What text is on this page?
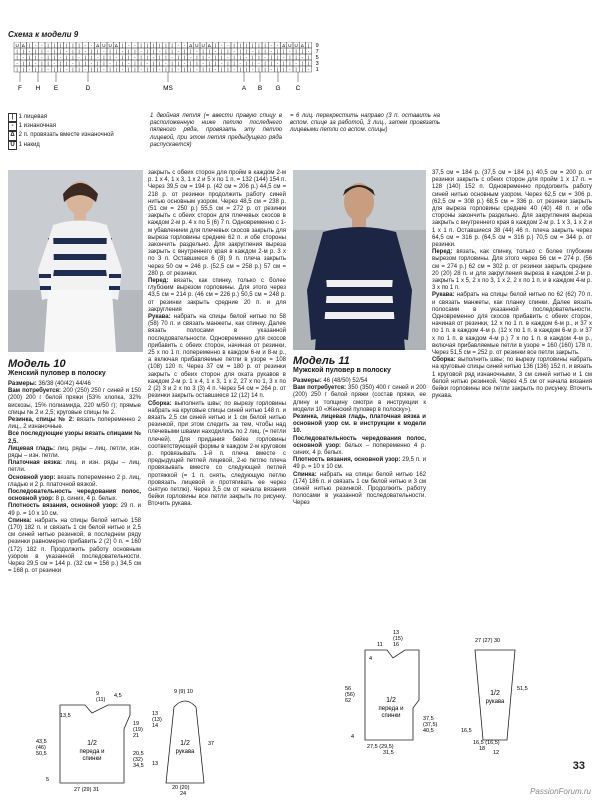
Схема к модели 9
U Δ | - - | | | | | | - - Δ U U Δ | - - | | | | | | - - Δ U U Δ | - - | | | | | | - - Δ U U Δ |
| | - | | - | | - | | - | | - | | - | | - | | - | | - | | - | | - | | - | | - | | - | | - | | -
| - | | - | | - | | - | | - | | - | | - | | - | | - | | - | | - | | - | | - | | - | | - | | - |
- | | - | | - | | - | | - | | - | | - | | - | | - | | - | | - | | - | | - | | - | | - | | - | |
| | - | | - | | - | | - | | - | | - | | - | | - | | - | | - | | - | | - | | - | | - | | - | | -
9
7
5
3
1
F H E	D	MS	A B G C
| 1 лицевая
- 1 изнаночная
Δ 2 п. провязать вместе изнаночной
U 1 накид
1 двойная петля (= ввести правую спицу в расположенную ниже петлю последнего пяпвного ряда, провязать эту петлю лицевой, при этом петля предыдущего ряда распускается)
= 6 лиц. перекрестить направо (3 п. оставить на вспом. спице за работой, 3 лиц., затем провязать лицевыми петли со вспом. спицы)
Модель 10
Женский пуловер в полоску

Размеры: 36/38 (40/42) 44/46

Вам потребуется: 200 (250) 250 г синей и 150 (200) 200 г белой пряжи (53% хлопка, 32% вискозы, 15% полиамида, 220 м/50 г); прямые спицы № 2 и 2,5; круговые спицы № 2.

Резинка, спицы № 2: вязать попеременно 2 лиц., 2 изнаночные.

Все последующие узоры вязать спицами № 2,5.

Лицевая гладь: лиц. ряды – лиц. петли, изн. ряды – изн. петли.

Платочная вязка: лиц. и изн. ряды – лиц. петли.

Основной узор: вязать попеременно 2 р. лиц. гладью и 2 р. платочной вязкой.

Последовательность чередования полос, основной узор: 8 р. синих, 4 р. белых.

Плотность вязания, основной узор: 29 п. и 49 р. = 10 х 10 см.

Спинка: набрать на спицы белой нитью 158 (170) 182 п. и связать 1 см белой нитью и 2,5 см синей нитью резинкой, в последнем ряду резинки равномерно прибавить 2 (2) 0 п. = 160 (172) 182 п. Продолжить работу основным узором в указанной последовательности. Через 29,5 см = 144 р. (32 см = 156 р.) 34,5 см = 168 р. от резинки

закрыть с обеих сторон для пройм в каждом 2-м р. 1 х 4, 1 х 3, 1 х 2 и 5 х по 1 п. = 132 (144) 154 п. Через 39,5 см = 194 р. (42 см = 206 р.) 44,5 см = 218 р. от резинки продолжить работу синей нитью основным узором. Через 48,5 см = 238 р. (51 см = 250 р.) 55,5 см = 272 р. от резинки закрыть с обеих сторон для плечевых скосов в каждом 2-м р. 4 х по 5 (6) 7 п. Одновременно с 1-м убавлением для плечевых скосов закрыть для выреза горловины средние 62 п. и обе стороны закончить раздельно. Для закругления выреза закрыть с внутреннего края в каждом 2-м р. 3 х по 3 п. Оставшиеся 6 (8) 9 п. плеча закрыть через 50 см = 246 р. (52,5 см = 258 р.) 57 см = 280 р. от резинки.

Перед: вязать, как спинку, только с более глубоким вырезом горловины. Для этого через 43,5 см = 214 р. (46 см = 226 р.) 50,5 см = 248 р. от резинки закрыть средние 20 п. и для закругления

Рукава: набрать на спицы белой нитью по 58 (58) 70 п. и связать манжеты, как спинку. Далее вязать полосами в указанной последовательности. Одновременно для скосов прибавить с обеих сторон, начиная от резинки, 25 х по 1 п. попеременно в каждом 6-м и 8-м р., а включая прибавляемые петли в узоре = 108 (108) 120 п. Через 37 см = 180 р. от резинки закрыть с обеих сторон для оката рукавов в каждом 2-м р. 1 х 4, 1 х 3, 1 х 2, 27 х по 1, 3 х по 2 (2) 3 и 2 х по 3 (3) 4 п. Через 54 см = 264 р. от резинки закрыть оставшиеся 12 (12) 14 п.

Сборка: выполнить швы; по вырезу горловины набрать на круговые спицы синей нитью 148 п. и вязать 2,5 см синей нитью и 1 см белой нитью резинкой, при этом следить за тем, чтобы над плечевыми швами находились по 2 лиц. (= петли плечей). Для придания бейке горловины соответствующей формы в каждом 2-м круговом р. провязывать 1-й п. плеча вместе с предыдущей петлей лицевой, 2-ю петлю плеча провязывать вместе со следующей петлей протяжкой (= 1 п. снять, следующую петлю провязать лицевой и протягивать ее через снятую петлю). Через 3,5 см от начала вязания бейки горловины все петли закрыть по рисунку. Вточить рукава.

Модель 11
Мужской пуловер в полоску

Размеры: 46 (48/50) 52/54

Вам потребуется: 350 (350) 400 г синей и 200 (200) 250 г белой пряжи (состав пряжи, ее длину и толщину смотри в инструкции к модели 10 «Женский пуловер в полоску»).

Резинка, лицевая гладь, платочная вязка и основной узор см. в инструкции к модели 10.

Последовательность чередования полос, основной узор: белых – попеременно 4 р. синих, 4 р. белых.

Плотность вязания, основной узор: 29,5 п. и 49 р. = 10 х 10 см.

Спинка: набрать на спицы белой нитью 162 (174) 186 п. и связать 1 см белой нитью и 3 см синей нитью резинкой. Продолжить работу полосами в указанной последовательности. Через

37,5 см = 184 р. (37,5 см = 184 р.) 40,5 см = 200 р. от резинки закрыть с обеих сторон для пройм 1 х 17 п. = 128 (140) 152 п. Одновременно продолжить работу синей нитью основным узором. Через 62,5 см = 306 р. (62,5 см = 308 р.) 68,5 см = 336 р. от резинки закрыть для выреза горловины средние 40 (40) 48 п. и обе стороны закончить раздельно. Для закругления выреза закрыть с внутреннего края в каждом 2-м р. 1 х 3, 1 х 2 и 1 х 1 п. Оставшиеся 38 (44) 46 п. плеча закрыть через 64,5 см = 316 р. (64,5 см = 316 р.) 70,5 см = 344 р. от резинки.

Перед: вязать, как спинку, только с более глубоким вырезом горловины. Для этого через 56 см = 274 р. (56 см = 274 р.) 62 см = 302 р. от резинки закрыть средние 20 (20) 28 п. и для закругления выреза в каждом 2-м р. закрыть 1 х 5, 2 х по 3, 1 х 2, 2 х по 1 п. и в каждом 4-м р. 3 х по 1 п.

Рукава: набрать на спицы белой нитью по 62 (62) 70 п. и связать манжеты, как планку спинки. Далее вязать полосами в указанной последовательности. Одновременно для скосов прибавить с обеих сторон, начиная от резинки, 12 х по 1 п. в каждом 6-м р., и 37 х по 1 п. в каждом 4-м р. (12 х по 1 п. в каждом 6-м р. и 37 х по 1 п. в каждом 4-м р.) 7 х по 1 п. в каждом 4-м р., включая прибавляемые петли в узоре = 160 (160) 178 п. Через 51,5 см = 252 р. от резинки все петли закрыть.

Сборка: выполнить швы; по вырезу горловины набрать на круговые спицы синей нитью 136 (136) 152 п. и вязать 1 круговой ряд изнаночными, 3 см синей нитью и 1 см белой нитью резинкой. Через 4,5 см от начала вязания бейки горловины все петли закрыть по рисунку. Вточить рукава.

1/2
переда и
спинки
9
(11)
13,5
4,5
19
(19)
21
43,5
(46)
50,5	20,5
(32)
34,5
5
27 (29) 31
1/2
рукава
9 (9) 10
13
(13)
14
37
13
20 (20)
24
1/2
переда и
спинки
13
(15)
16
11
4
56
(56)
62
37,5
(37,5)
40,5
4
27,5 (29,5)
31,5
1/2
рукава
27 (27) 30
51,5
16,5
16,5 (16,5)
18
12
33
PassionForum.ru
